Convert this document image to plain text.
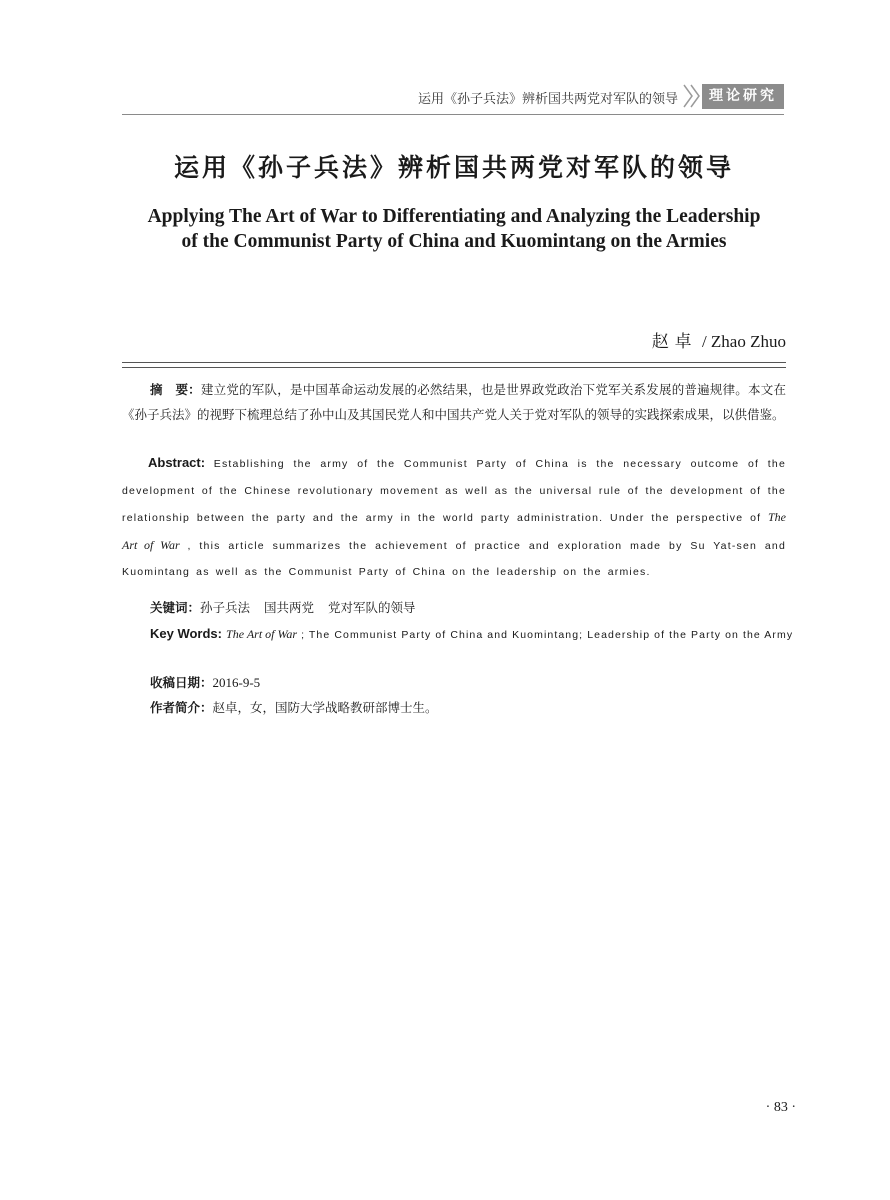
运用《孙子兵法》辨析国共两党对军队的领导	理论研究
运用《孙子兵法》辨析国共两党对军队的领导
Applying The Art of War to Differentiating and Analyzing the Leadership
of the Communist Party of China and Kuomintang on the Armies
赵卓 / Zhao Zhuo

摘　要：建立党的军队，是中国革命运动发展的必然结果，也是世界政党政治下党军关系发展的普遍规律。本文在《孙子兵法》的视野下梳理总结了孙中山及其国民党人和中国共产党人关于党对军队的领导的实践探索成果，以供借鉴。

Abstract: Establishing the army of the Communist Party of China is the necessary outcome of the development of the Chinese revolutionary movement as well as the universal rule of the development of the relationship between the party and the army in the world party administration. Under the perspective of The Art of War , this article summarizes the achievement of practice and exploration made by Su Yat-sen and Kuomintang as well as the Communist Party of China on the leadership on the armies.

关键词：孙子兵法 国共两党 党对军队的领导
Key Words: The Art of War ; The Communist Party of China and Kuomintang; Leadership of the Party on the Army
收稿日期：2016-9-5
作者简介：赵卓，女，国防大学战略教研部博士生。
· 83 ·
